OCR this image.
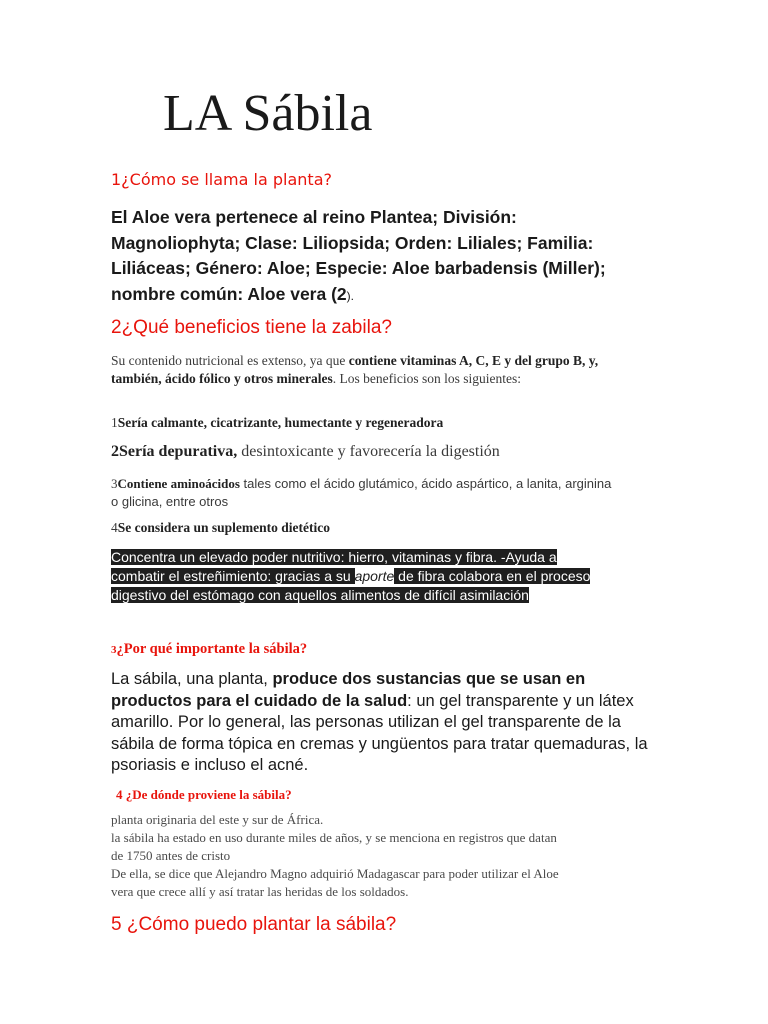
LA Sábila
1¿Cómo se llama la planta?
El Aloe vera pertenece al reino Plantea; División: Magnoliophyta; Clase: Liliopsida; Orden: Liliales; Familia: Liliáceas; Género: Aloe; Especie: Aloe barbadensis (Miller); nombre común: Aloe vera (2).
2¿Qué beneficios tiene la zabila?
Su contenido nutricional es extenso, ya que contiene vitaminas A, C, E y del grupo B, y, también, ácido fólico y otros minerales. Los beneficios son los siguientes:
1Sería calmante, cicatrizante, humectante y regeneradora
2Sería depurativa, desintoxicante y favorecería la digestión
3Contiene aminoácidos tales como el ácido glutámico, ácido aspártico, a lanita, arginina o glicina, entre otros
4Se considera un suplemento dietético
Concentra un elevado poder nutritivo: hierro, vitaminas y fibra. -Ayuda a
combatir el estreñimiento: gracias a su aporte de fibra colabora en el proceso
digestivo del estómago con aquellos alimentos de difícil asimilación
3¿Por qué importante la sábila?
La sábila, una planta, produce dos sustancias que se usan en productos para el cuidado de la salud: un gel transparente y un látex amarillo. Por lo general, las personas utilizan el gel transparente de la sábila de forma tópica en cremas y ungüentos para tratar quemaduras, la psoriasis e incluso el acné.
4 ¿De dónde proviene la sábila?
planta originaria del este y sur de África.
la sábila ha estado en uso durante miles de años, y se menciona en registros que datan
de 1750 antes de cristo
De ella, se dice que Alejandro Magno adquirió Madagascar para poder utilizar el Aloe
vera que crece allí y así tratar las heridas de los soldados.
5 ¿Cómo puedo plantar la sábila?
